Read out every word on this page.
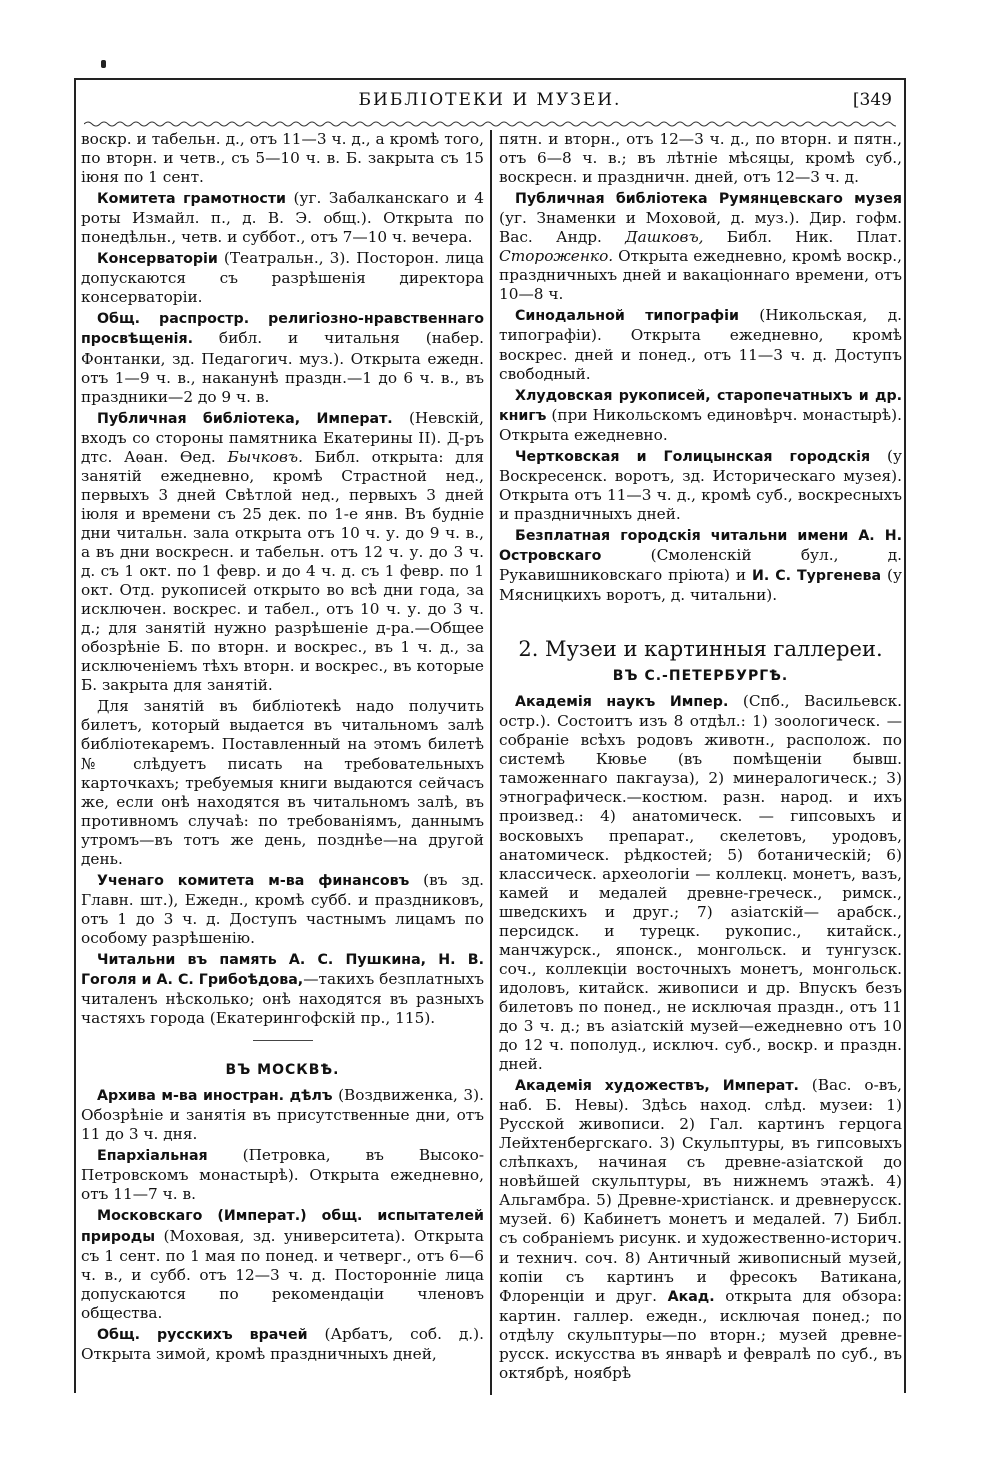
БИБЛІОТЕКИ И МУЗЕИ.	[349

воскр. и табельн. д., отъ 11—3 ч. д., а кромѣ того, по вторн. и четв., съ 5—10 ч. в. Б. закрыта съ 15 іюня по 1 сент.

Комитета грамотности (уг. Забалканскаго и 4 роты Измайл. п., д. В. Э. общ.). Открыта по понедѣльн., четв. и суббот., отъ 7—10 ч. вечера.

Консерваторіи (Театральн., 3). Посторон. лица допускаются съ разрѣшенія директора консерваторіи.

Общ. распростр. религіозно-нравственнаго просвѣщенія. библ. и читальня (набер. Фонтанки, зд. Педагогич. муз.). Открыта ежедн. отъ 1—9 ч. в., наканунѣ праздн.—1 до 6 ч. в., въ праздники—2 до 9 ч. в.

Публичная библіотека, Императ. (Невскій, входъ со стороны памятника Екатерины II). Д-ръ дтс. Аѳан. Ѳед. Бычковъ. Библ. открыта: для занятій ежедневно, кромѣ Страстной нед., первыхъ 3 дней Свѣтлой нед., первыхъ 3 дней іюля и времени съ 25 дек. по 1-е янв. Въ будніе дни читальн. зала открыта отъ 10 ч. у. до 9 ч. в., а въ дни воскресн. и табельн. отъ 12 ч. у. до 3 ч. д. съ 1 окт. по 1 февр. и до 4 ч. д. съ 1 февр. по 1 окт. Отд. рукописей открыто во всѣ дни года, за исключен. воскрес. и табел., отъ 10 ч. у. до 3 ч. д.; для занятій нужно разрѣшеніе д-ра.—Общее обозрѣніе Б. по вторн. и воскрес., въ 1 ч. д., за исключеніемъ тѣхъ вторн. и воскрес., въ которые Б. закрыта для занятій.

Для занятій въ библіотекѣ надо получить билетъ, который выдается въ читальномъ залѣ библіотекаремъ. Поставленный на этомъ билетѣ № слѣдуетъ писать на требовательныхъ карточкахъ; требуемыя книги выдаются сейчасъ же, если онѣ находятся въ читальномъ залѣ, въ противномъ случаѣ: по требованіямъ, даннымъ утромъ—въ тотъ же день, позднѣе—на другой день.

Ученаго комитета м-ва финансовъ (въ зд. Главн. шт.), Ежедн., кромѣ субб. и праздниковъ, отъ 1 до 3 ч. д. Доступъ частнымъ лицамъ по особому разрѣшенію.

Читальни въ память А. С. Пушкина, Н. В. Гоголя и А. С. Грибоѣдова,—такихъ безплатныхъ читаленъ нѣсколько; онѣ находятся въ разныхъ частяхъ города (Екатерингофскій пр., 115).

ВЪ МОСКВѢ.

Архива м-ва иностран. дѣлъ (Воздвиженка, 3). Обозрѣніе и занятія въ присутственные дни, отъ 11 до 3 ч. дня.

Епархіальная (Петровка, въ Высоко-Петровскомъ монастырѣ). Открыта ежедневно, отъ 11—7 ч. в.

Московскаго (Императ.) общ. испытателей природы (Моховая, зд. университета). Открыта съ 1 сент. по 1 мая по понед. и четверг., отъ 6—6 ч. в., и субб. отъ 12—3 ч. д. Посторонніе лица допускаются по рекомендаціи членовъ общества.

Общ. русскихъ врачей (Арбатъ, соб. д.). Открыта зимой, кромѣ праздничныхъ дней,

пятн. и вторн., отъ 12—3 ч. д., по вторн. и пятн., отъ 6—8 ч. в.; въ лѣтніе мѣсяцы, кромѣ суб., воскресн. и праздничн. дней, отъ 12—3 ч. д.

Публичная библіотека Румянцевскаго музея (уг. Знаменки и Моховой, д. муз.). Дир. гофм. Вас. Андр. Дашковъ, Библ. Ник. Плат. Стороженко. Открыта ежедневно, кромѣ воскр., праздничныхъ дней и вакаціоннаго времени, отъ 10—8 ч.

Синодальной типографіи (Никольская, д. типографіи). Открыта ежедневно, кромѣ воскрес. дней и понед., отъ 11—3 ч. д. Доступъ свободный.

Хлудовская рукописей, старопечатныхъ и др. книгъ (при Никольскомъ единовѣрч. монастырѣ). Открыта ежедневно.

Чертковская и Голицынская городскія (у Воскресенск. воротъ, зд. Историческаго музея). Открыта отъ 11—3 ч. д., кромѣ суб., воскресныхъ и праздничныхъ дней.

Безплатная городскія читальни имени А. Н. Островскаго (Смоленскій бул., д. Рукавишниковскаго пріюта) и И. С. Тургенева (у Мясницкихъ воротъ, д. читальни).

2. Музеи и картинныя галлереи.
ВЪ С.-ПЕТЕРБУРГѢ.

Академія наукъ Импер. (Спб., Васильевск. остр.). Состоитъ изъ 8 отдѣл.: 1) зоологическ. — собраніе всѣхъ родовъ животн., располож. по системѣ Кювье (въ помѣщеніи бывш. таможеннаго пакгауза), 2) минералогическ.; 3) этнографическ.—костюм. разн. народ. и ихъ произвед.: 4) анатомическ. — гипсовыхъ и восковыхъ препарат., скелетовъ, уродовъ, анатомическ. рѣдкостей; 5) ботаническій; 6) классическ. археологіи — коллекц. монетъ, вазъ, камей и медалей древне-греческ., римск., шведскихъ и друг.; 7) азіатскій— арабск., персидск. и турецк. рукопис., китайск., манчжурск., японск., монгольск. и тунгузск. соч., коллекціи восточныхъ монетъ, монгольск. идоловъ, китайск. живописи и др. Впускъ безъ билетовъ по понед., не исключая праздн., отъ 11 до 3 ч. д.; въ азіатскій музей—ежедневно отъ 10 до 12 ч. пополуд., исключ. суб., воскр. и праздн. дней.

Академія художествъ, Императ. (Вас. о-въ, наб. Б. Невы). Здѣсь наход. слѣд. музеи: 1) Русской живописи. 2) Гал. картинъ герцога Лейхтенбергскаго. 3) Скульптуры, въ гипсовыхъ слѣпкахъ, начиная съ древне-азіатской до новѣйшей скульптуры, въ нижнемъ этажѣ. 4) Альгамбра. 5) Древне-христіанск. и древнерусск. музей. 6) Кабинетъ монетъ и медалей. 7) Библ. съ собраніемъ рисунк. и художественно-историч. и технич. соч. 8) Античный живописный музей, копіи съ картинъ и фресокъ Ватикана, Флоренціи и друг. Акад. открыта для обзора: картин. галлер. ежедн., исключая понед.; по отдѣлу скульптуры—по вторн.; музей древне-русск. искусства въ январѣ и февралѣ по суб., въ октябрѣ, ноябрѣ
